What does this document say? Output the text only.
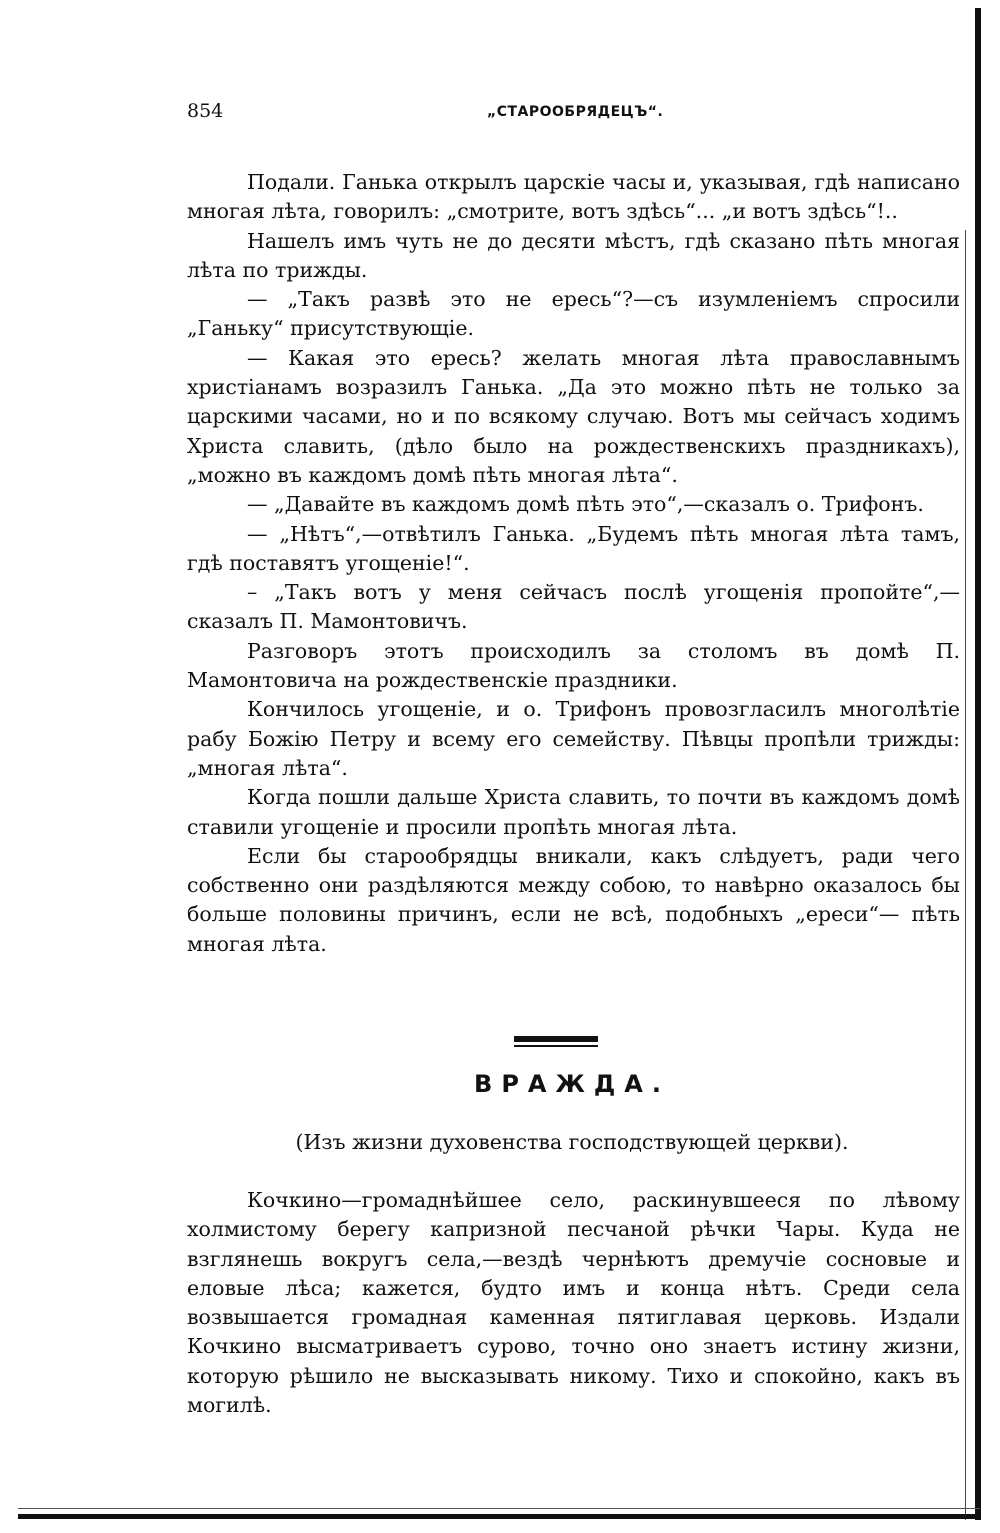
854	„СТАРООБРЯДЕЦЪ“.

Подали. Ганька открылъ царскіе часы и, указывая, гдѣ написано многая лѣта, говорилъ: „смотрите, вотъ здѣсь“... „и вотъ здѣсь“!..

Нашелъ имъ чуть не до десяти мѣстъ, гдѣ сказано пѣть многая лѣта по трижды.

— „Такъ развѣ это не ересь“?—съ изумленіемъ спросили „Ганьку“ присутствующіе.

— Какая это ересь? желать многая лѣта православнымъ христіанамъ возразилъ Ганька. „Да это можно пѣть не только за царскими часами, но и по всякому случаю. Вотъ мы сейчасъ ходимъ Христа славить, (дѣло было на рождественскихъ праздникахъ), „можно въ каждомъ домѣ пѣть многая лѣта“.

— „Давайте въ каждомъ домѣ пѣть это“,—сказалъ о. Трифонъ.

— „Нѣтъ“,—отвѣтилъ Ганька. „Будемъ пѣть многая лѣта тамъ, гдѣ поставятъ угощеніе!“.

– „Такъ вотъ у меня сейчасъ послѣ угощенія пропойте“,—сказалъ П. Мамонтовичъ.

Разговоръ этотъ происходилъ за столомъ въ домѣ П. Мамонтовича на рождественскіе праздники.

Кончилось угощеніе, и о. Трифонъ провозгласилъ многолѣтіе рабу Божію Петру и всему его семейству. Пѣвцы пропѣли трижды: „многая лѣта“.

Когда пошли дальше Христа славить, то почти въ каждомъ домѣ ставили угощеніе и просили пропѣть многая лѣта.

Если бы старообрядцы вникали, какъ слѣдуетъ, ради чего собственно они раздѣляются между собою, то навѣрно оказалось бы больше половины причинъ, если не всѣ, подобныхъ „ереси“— пѣть многая лѣта.

ВРАЖДА.
(Изъ жизни духовенства господствующей церкви).

Кочкино—громаднѣйшее село, раскинувшееся по лѣвому холмистому берегу капризной песчаной рѣчки Чары. Куда не взглянешь вокругъ села,—вездѣ чернѣютъ дремучіе сосновые и еловые лѣса; кажется, будто имъ и конца нѣтъ. Среди села возвышается громадная каменная пятиглавая церковь. Издали Кочкино высматриваетъ сурово, точно оно знаетъ истину жизни, которую рѣшило не высказывать никому. Тихо и спокойно, какъ въ могилѣ.
